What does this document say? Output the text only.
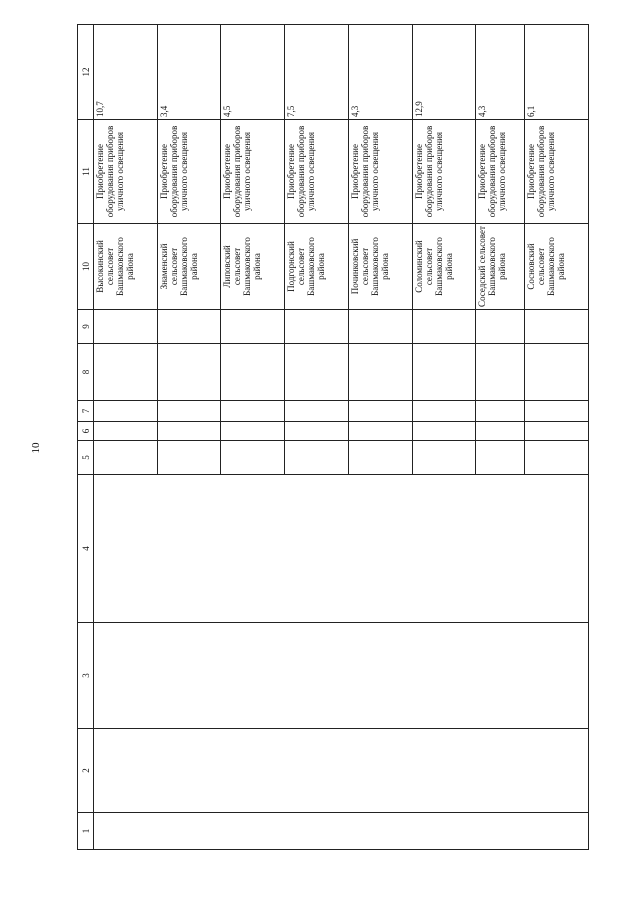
10
1	2	3	4	5	6	7	8	9	10	11	12
									Высокинский сельсовет Башмаковского района	Приобретение оборудования приборов уличного освещения	10,7
									Знаменский сельсовет Башмаковского района	Приобретение оборудования приборов уличного освещения	3,4
									Липовский сельсовет Башмаковского района	Приобретение оборудования приборов уличного освещения	4,5
									Подгорнский сельсовет Башмаковского района	Приобретение оборудования приборов уличного освещения	7,5
									Починковский сельсовет Башмаковского района	Приобретение оборудования приборов уличного освещения	4,3
									Соломинский сельсовет Башмаковского района	Приобретение оборудования приборов уличного освещения	12,9
									Соседский сельсовет Башмаковского района	Приобретение оборудования приборов уличного освещения	4,3
									Сосновский сельсовет Башмаковского района	Приобретение оборудования приборов уличного освещения	6,1
